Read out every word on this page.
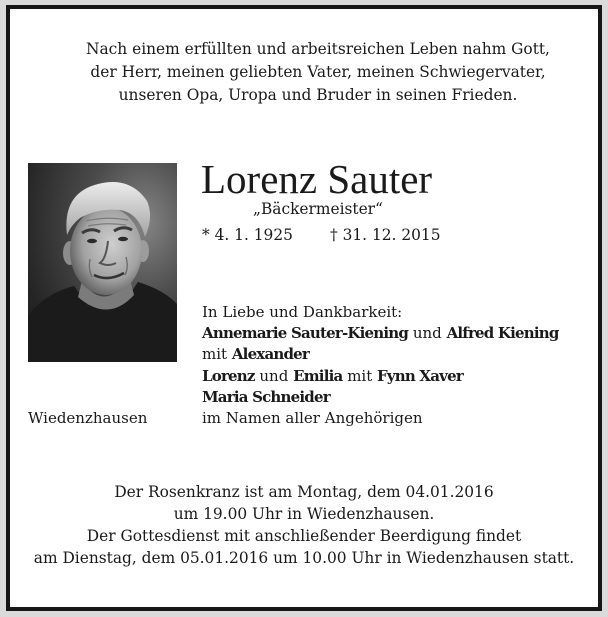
Nach einem erfüllten und arbeitsreichen Leben nahm Gott,
der Herr, meinen geliebten Vater, meinen Schwiegervater,
unseren Opa, Uropa und Bruder in seinen Frieden.
Lorenz Sauter
„Bäckermeister“
* 4. 1. 1925 † 31. 12. 2015
In Liebe und Dankbarkeit:
Annemarie Sauter-Kiening und Alfred Kiening
mit Alexander
Lorenz und Emilia mit Fynn Xaver
Maria Schneider
im Namen aller Angehörigen
Wiedenzhausen
Der Rosenkranz ist am Montag, dem 04.01.2016
um 19.00 Uhr in Wiedenzhausen.
Der Gottesdienst mit anschließender Beerdigung findet
am Dienstag, dem 05.01.2016 um 10.00 Uhr in Wiedenzhausen statt.
